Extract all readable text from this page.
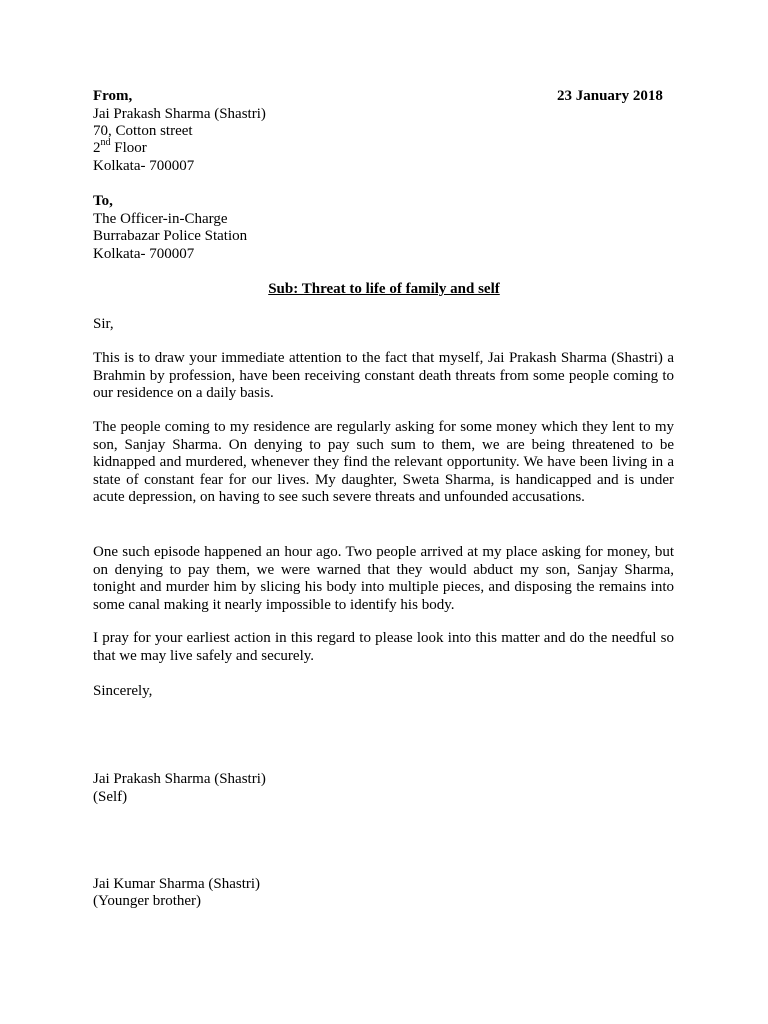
From,	23 January 2018
Jai Prakash Sharma (Shastri)
70, Cotton street
2nd Floor
Kolkata- 700007
To,
The Officer-in-Charge
Burrabazar Police Station
Kolkata- 700007
Sub: Threat to life of family and self
Sir,

This is to draw your immediate attention to the fact that myself, Jai Prakash Sharma (Shastri) a Brahmin by profession, have been receiving constant death threats from some people coming to our residence on a daily basis.

The people coming to my residence are regularly asking for some money which they lent to my son, Sanjay Sharma. On denying to pay such sum to them, we are being threatened to be kidnapped and murdered, whenever they find the relevant opportunity. We have been living in a state of constant fear for our lives. My daughter, Sweta Sharma, is handicapped and is under acute depression, on having to see such severe threats and unfounded accusations.

One such episode happened an hour ago. Two people arrived at my place asking for money, but on denying to pay them, we were warned that they would abduct my son, Sanjay Sharma, tonight and murder him by slicing his body into multiple pieces, and disposing the remains into some canal making it nearly impossible to identify his body.

I pray for your earliest action in this regard to please look into this matter and do the needful so that we may live safely and securely.

Sincerely,
Jai Prakash Sharma (Shastri)
(Self)
Jai Kumar Sharma (Shastri)
(Younger brother)
